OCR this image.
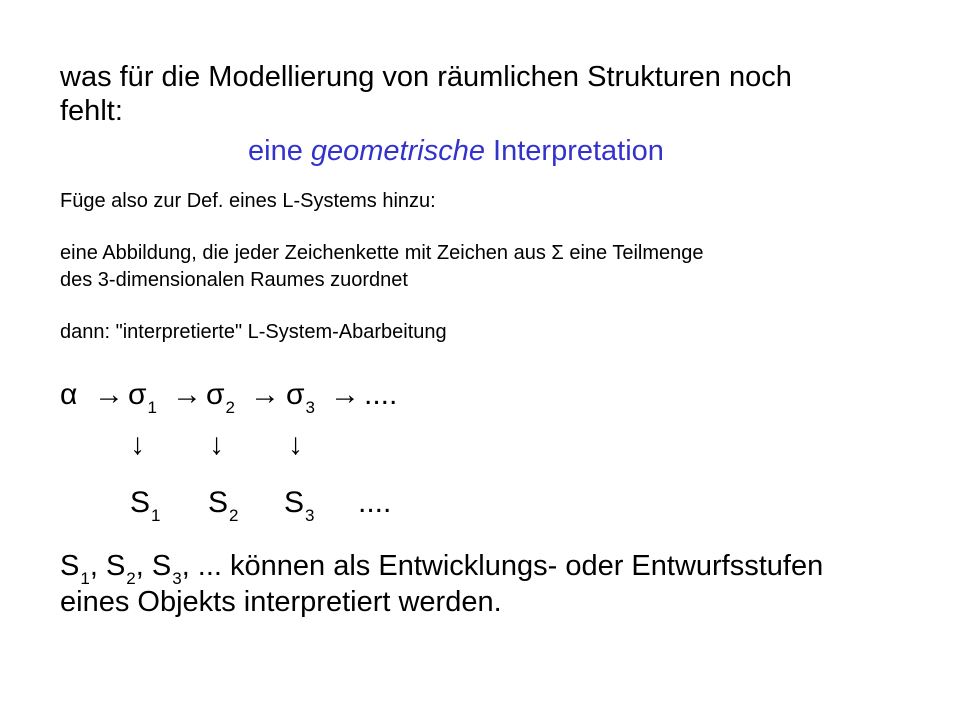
was für die Modellierung von räumlichen Strukturen noch
fehlt:
eine geometrische Interpretation
Füge also zur Def. eines L-Systems hinzu:
eine Abbildung, die jeder Zeichenkette mit Zeichen aus Σ eine Teilmenge
des 3-dimensionalen Raumes zuordnet
dann: "interpretierte" L-System-Abarbeitung
$\alpha \to \sigma_1 \to \sigma_2 \to \sigma_3$ → ....
↓ ↓ ↓
$S_1$ $S_2$ $S_3$ ....
$S_1$, $S_2$, $S_3$, ... können als Entwicklungs- oder Entwurfsstufen
eines Objekts interpretiert werden.
